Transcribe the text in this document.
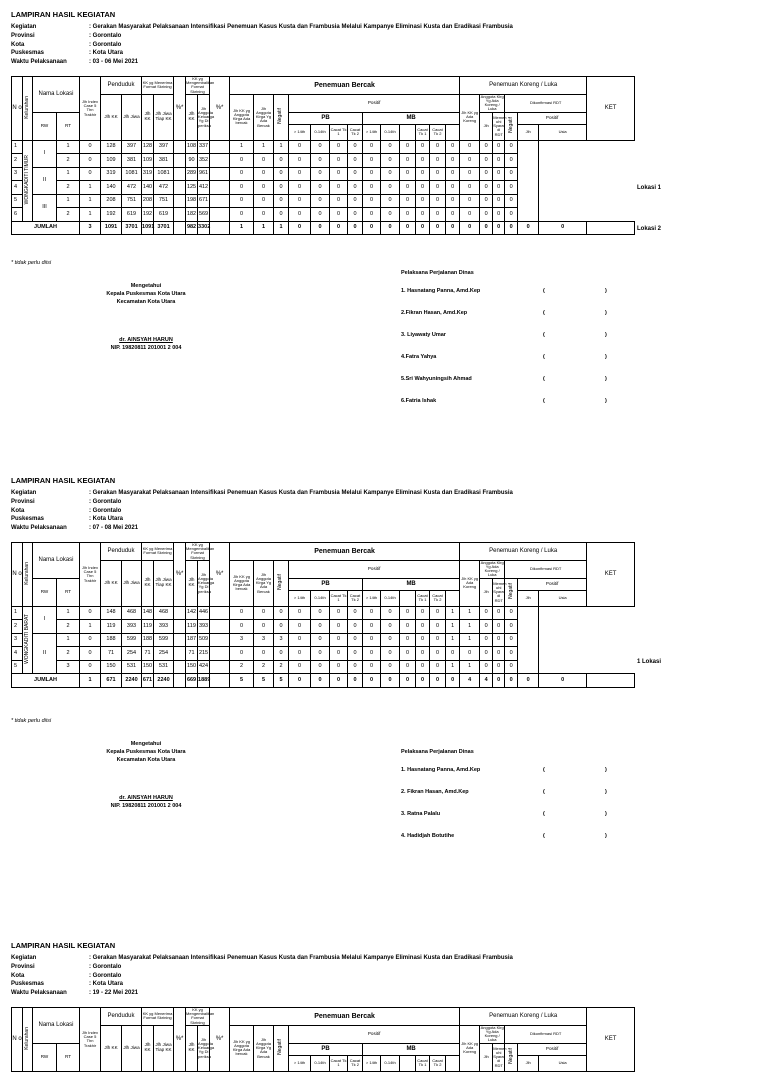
LAMPIRAN HASIL KEGIATAN
Kegiatan	: Gerakan Masyarakat Pelaksanaan Intensifikasi Penemuan Kasus Kusta dan Frambusia Melalui Kampanye Eliminasi Kusta dan Eradikasi Frambusia
Provinsi	: Gorontalo
Kota	: Gorontalo
Puskesmas	: Kota Utara
Waktu Pelaksanaan	: 03 - 06 Mei 2021
N o	Kelurahan	Nama Lokasi		Jlh Index Case 5 Thn Trakhir	Penduduk		KK yg Menerima Format Skrining		%*	KK yg Mengembalikan Format Skrining		%*	Penemuan Bercak													Penemuan Koreng / Luka						KET
					Jlh KK	Jlh Jiwa	Jlh KK	Jlh Jiwa Tiap KK		Jlh KK	Jlh Anggota Keluarga Yg Di periksa		Jlh KK yg Anggota Klrga Ada bercak	Jlh Anggota Klrga Yg Ada Bercak	Negatif	Positif										Jlh KK yg Ada Koreng	Anggota Klrg Yg Ada Koreng / Luka		Dikonfirmasi RDT			
		RW	RT													PB				MB							Jlh	Memen uhi Syarat di RDT	Negatif	Positif		
																> 14th	0-14th	Cacat Tk 1	Cacat Tk 2	> 14th	0-14th		Cacat Tk 1	Cacat Tk 2						Jlh	Usia	
1	WONGKADITI TIMUR	I	1	0	128	397	128	397		108	337		1	1	1	0	0	0	0	0	0	0	0	0	0	0	0	0	0			
2			2	0	109	381	109	381		90	352		0	0	0	0	0	0	0	0	0	0	0	0	0	0	0	0	0			
3		II	1	0	319	1081	319	1081		289	961		0	0	0	0	0	0	0	0	0	0	0	0	0	0	0	0	0			
4			2	1	140	472	140	472		125	412		0	0	0	0	0	0	0	0	0	0	0	0	0	0	0	0	0			
5		III	1	1	208	751	208	751		198	671		0	0	0	0	0	0	0	0	0	0	0	0	0	0	0	0	0			
6			2	1	192	619	192	619		182	569		0	0	0	0	0	0	0	0	0	0	0	0	0	0	0	0	0			
JUMLAH				3	1091	3701	1091	3701		982	3302		1	1	1	0	0	0	0	0	0	0	0	0	0	0	0	0	0	0	0	
Lokasi 1
Lokasi 2
* tidak perlu diisi
Mengetahui
Kepala Puskesmas Kota Utara
Kecamatan Kota Utara
dr. AINSYAH HARUN
NIP. 19820811 201001 2 004
Pelaksana Perjalanan Dinas
1. Hasnatang Panna, Amd.Kep	(	)
2.Fikran Hasan, Amd.Kep	(	)
3. Liyawaty Umar	(	)
4.Fatra Yahya	(	)
5.Sri Wahyuningsih Ahmad	(	)
6.Fatria Ishak	(	)
LAMPIRAN HASIL KEGIATAN
Kegiatan	: Gerakan Masyarakat Pelaksanaan Intensifikasi Penemuan Kasus Kusta dan Frambusia Melalui Kampanye Eliminasi Kusta dan Eradikasi Frambusia
Provinsi	: Gorontalo
Kota	: Gorontalo
Puskesmas	: Kota Utara
Waktu Pelaksanaan	: 07 - 08 Mei 2021
N o	Kelurahan	Nama Lokasi		Jlh Index Case 5 Thn Trakhir	Penduduk		KK yg Menerima Format Skrining		%*	KK yg Mengembalikan Format Skrining		%*	Penemuan Bercak													Penemuan Koreng / Luka						KET
					Jlh KK	Jlh Jiwa	Jlh KK	Jlh Jiwa Tiap KK		Jlh KK	Jlh Anggota Keluarga Yg Di periksa		Jlh KK yg Anggota Klrga Ada bercak	Jlh Anggota Klrga Yg Ada Bercak	Negatif	Positif										Jlh KK yg Ada Koreng	Anggota Klrg Yg Ada Koreng / Luka		Dikonfirmasi RDT			
		RW	RT													PB				MB							Jlh	Memen uhi Syarat di RDT	Negatif	Positif		
																> 14th	0-14th	Cacat Tk 1	Cacat Tk 2	> 14th	0-14th		Cacat Tk 1	Cacat Tk 2						Jlh	Usia	
1	WONGKADITI BARAT	I	1	0	148	468	148	468		142	446		0	0	0	0	0	0	0	0	0	0	0	0	1	1	0	0	0			
2			2	1	119	393	119	393		119	393		0	0	0	0	0	0	0	0	0	0	0	0	1	1	0	0	0			
3		II	1	0	188	599	188	599		187	509		3	3	3	0	0	0	0	0	0	0	0	0	1	1	0	0	0			
4			2	0	71	254	71	254		71	215		0	0	0	0	0	0	0	0	0	0	0	0	0	0	0	0	0			
5			3	0	150	531	150	531		150	424		2	2	2	0	0	0	0	0	0	0	0	0	1	1	0	0	0			
JUMLAH				1	671	2240	671	2240		669	1889		5	5	5	0	0	0	0	0	0	0	0	0	0	4	4	0	0	0	0	
1 Lokasi
* tidak perlu diisi
Mengetahui
Kepala Puskesmas Kota Utara
Kecamatan Kota Utara
dr. AINSYAH HARUN
NIP. 19820811 201001 2 004
Pelaksana Perjalanan Dinas
1. Hasnatang Panna, Amd.Kep	(	)
2. Fikran Hasan, Amd.Kep	(	)
3. Ratna Palalu	(	)
4. Hadidjah Botutihe	(	)
LAMPIRAN HASIL KEGIATAN
Kegiatan	: Gerakan Masyarakat Pelaksanaan Intensifikasi Penemuan Kasus Kusta dan Frambusia Melalui Kampanye Eliminasi Kusta dan Eradikasi Frambusia
Provinsi	: Gorontalo
Kota	: Gorontalo
Puskesmas	: Kota Utara
Waktu Pelaksanaan	: 19 - 22 Mei 2021
N o	Kelurahan	Nama Lokasi		Jlh Index Case 5 Thn Trakhir	Penduduk		KK yg Menerima Format Skrining		%*	KK yg Mengembalikan Format Skrining		%*	Penemuan Bercak													Penemuan Koreng / Luka						KET
					Jlh KK	Jlh Jiwa	Jlh KK	Jlh Jiwa Tiap KK		Jlh KK	Jlh Anggota Keluarga Yg Di periksa		Jlh KK yg Anggota Klrga Ada bercak	Jlh Anggota Klrga Yg Ada Bercak	Negatif	Positif										Jlh KK yg Ada Koreng	Anggota Klrg Yg Ada Koreng / Luka		Dikonfirmasi RDT			
		RW	RT													PB				MB							Jlh	Memen uhi Syarat di RDT	Negatif	Positif		
																> 14th	0-14th	Cacat Tk 1	Cacat Tk 2	> 14th	0-14th		Cacat Tk 1	Cacat Tk 2						Jlh	Usia	
